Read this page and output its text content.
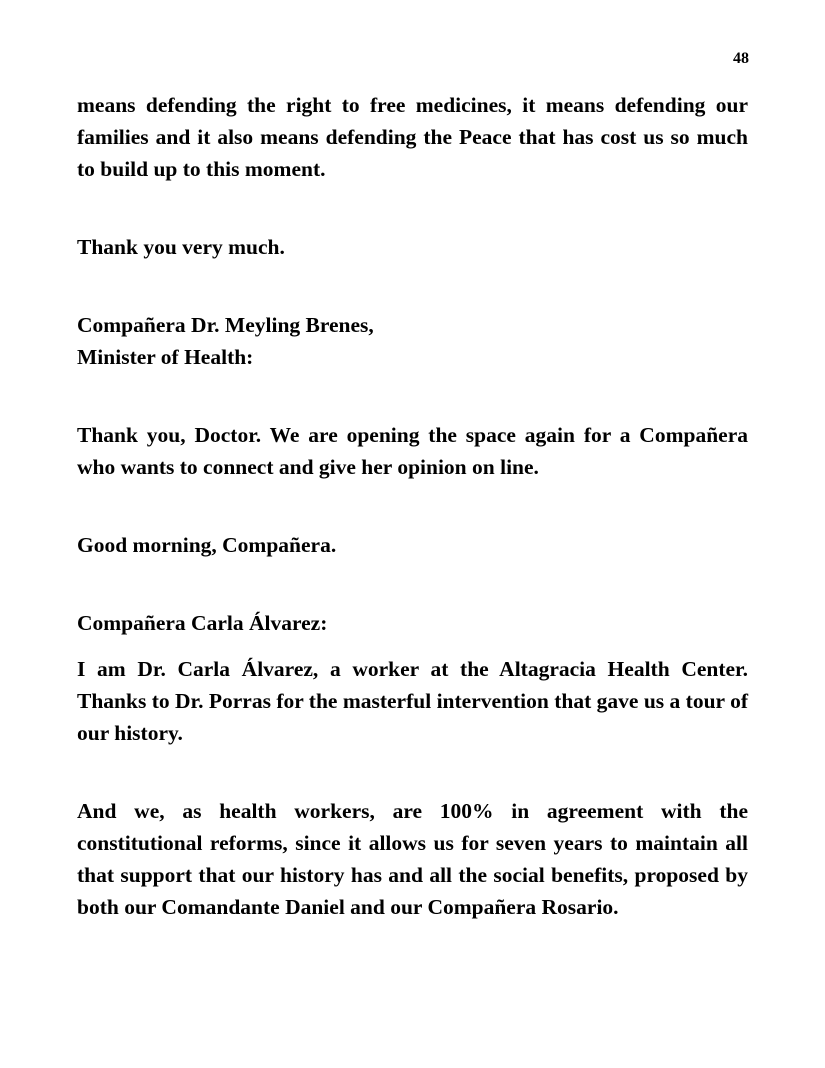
48

means defending the right to free medicines, it means defending our families and it also means defending the Peace that has cost us so much to build up to this moment.

Thank you very much.

Compañera Dr. Meyling Brenes,

Minister of Health:

Thank you, Doctor. We are opening the space again for a Compañera who wants to connect and give her opinion on line.

Good morning, Compañera.

Compañera Carla Álvarez:

I am Dr. Carla Álvarez, a worker at the Altagracia Health Center. Thanks to Dr. Porras for the masterful intervention that gave us a tour of our history.

And we, as health workers, are 100% in agreement with the constitutional reforms, since it allows us for seven years to maintain all that support that our history has and all the social benefits, proposed by both our Comandante Daniel and our Compañera Rosario.
